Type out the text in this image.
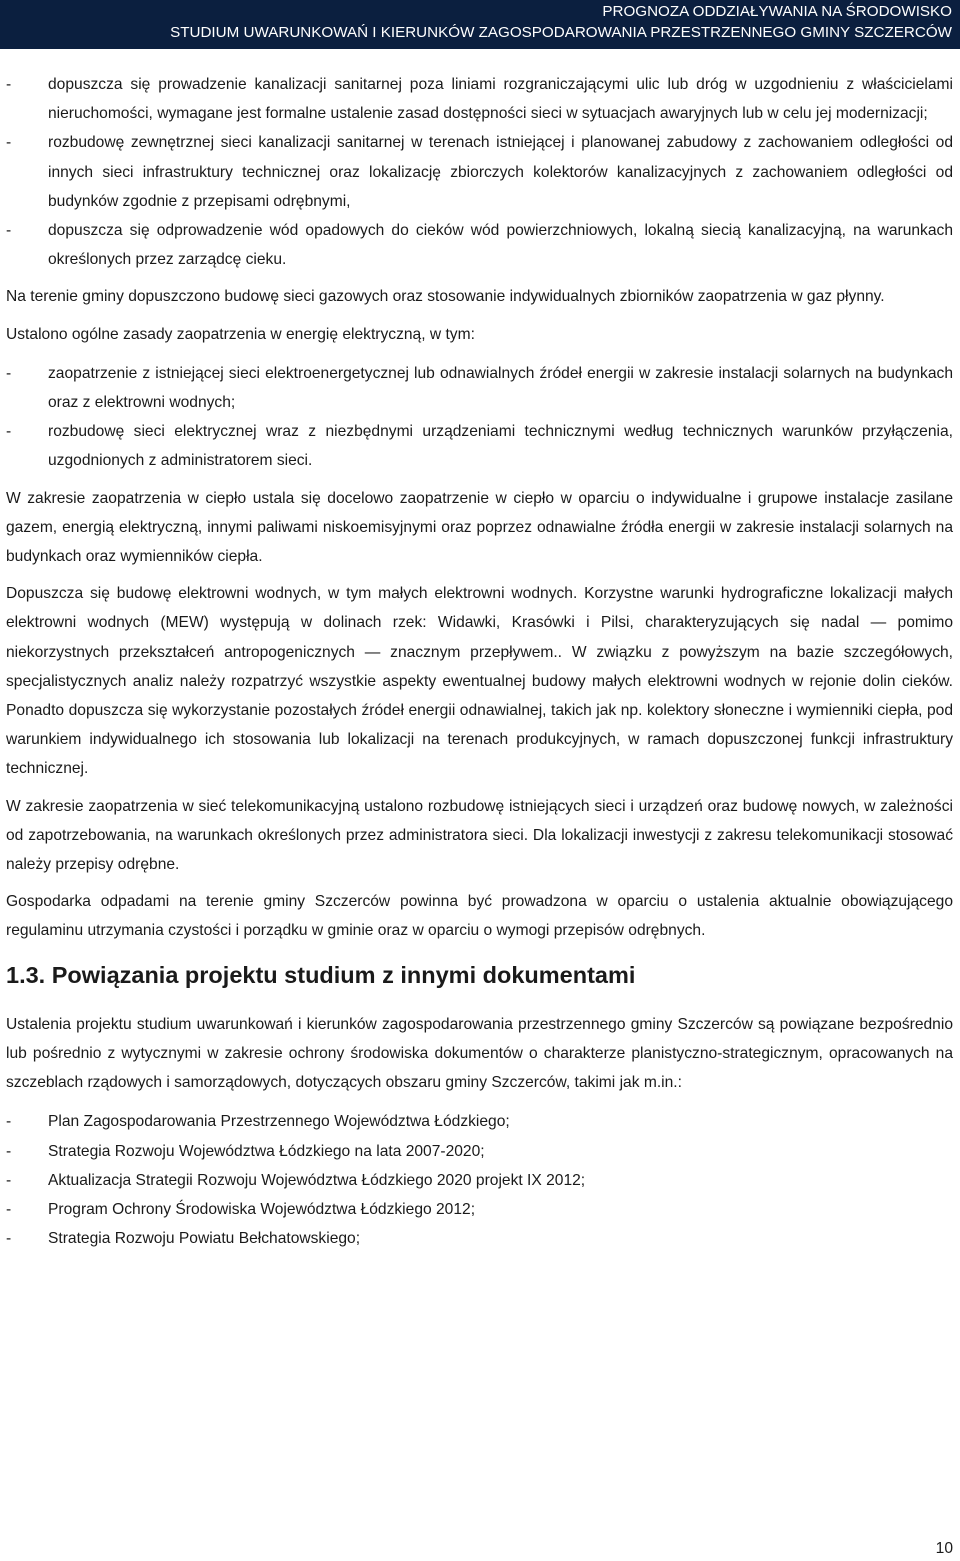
PROGNOZA ODDZIAŁYWANIA NA ŚRODOWISKO
STUDIUM UWARUNKOWAŃ I KIERUNKÓW ZAGOSPODAROWANIA PRZESTRZENNEGO GMINY SZCZERCÓW
-	dopuszcza się prowadzenie kanalizacji sanitarnej poza liniami rozgraniczającymi ulic lub dróg w uzgodnieniu z właścicielami nieruchomości, wymagane jest formalne ustalenie zasad dostępności sieci w sytuacjach awaryjnych lub w celu jej modernizacji;
-	rozbudowę zewnętrznej sieci kanalizacji sanitarnej w terenach istniejącej i planowanej zabudowy z zachowaniem odległości od innych sieci infrastruktury technicznej oraz lokalizację zbiorczych kolektorów kanalizacyjnych z zachowaniem odległości od budynków zgodnie z przepisami odrębnymi,
-	dopuszcza się odprowadzenie wód opadowych do cieków wód powierzchniowych, lokalną siecią kanalizacyjną, na warunkach określonych przez zarządcę cieku.

Na terenie gminy dopuszczono budowę sieci gazowych oraz stosowanie indywidualnych zbiorników zaopatrzenia w gaz płynny.

Ustalono ogólne zasady zaopatrzenia w energię elektryczną, w tym:

-	zaopatrzenie z istniejącej sieci elektroenergetycznej lub odnawialnych źródeł energii w zakresie instalacji solarnych na budynkach oraz z elektrowni wodnych;
-	rozbudowę sieci elektrycznej wraz z niezbędnymi urządzeniami technicznymi według technicznych warunków przyłączenia, uzgodnionych z administratorem sieci.

W zakresie zaopatrzenia w ciepło ustala się docelowo zaopatrzenie w ciepło w oparciu o indywidualne i grupowe instalacje zasilane gazem, energią elektryczną, innymi paliwami niskoemisyjnymi oraz poprzez odnawialne źródła energii w zakresie instalacji solarnych na budynkach oraz wymienników ciepła.

Dopuszcza się budowę elektrowni wodnych, w tym małych elektrowni wodnych. Korzystne warunki hydrograficzne lokalizacji małych elektrowni wodnych (MEW) występują w dolinach rzek: Widawki, Krasówki i Pilsi, charakteryzujących się nadal — pomimo niekorzystnych przekształceń antropogenicznych — znacznym przepływem.. W związku z powyższym na bazie szczegółowych, specjalistycznych analiz należy rozpatrzyć wszystkie aspekty ewentualnej budowy małych elektrowni wodnych w rejonie dolin cieków. Ponadto dopuszcza się wykorzystanie pozostałych źródeł energii odnawialnej, takich jak np. kolektory słoneczne i wymienniki ciepła, pod warunkiem indywidualnego ich stosowania lub lokalizacji na terenach produkcyjnych, w ramach dopuszczonej funkcji infrastruktury technicznej.

W zakresie zaopatrzenia w sieć telekomunikacyjną ustalono rozbudowę istniejących sieci i urządzeń oraz budowę nowych, w zależności od zapotrzebowania, na warunkach określonych przez administratora sieci. Dla lokalizacji inwestycji z zakresu telekomunikacji stosować należy przepisy odrębne.

Gospodarka odpadami na terenie gminy Szczerców powinna być prowadzona w oparciu o ustalenia aktualnie obowiązującego regulaminu utrzymania czystości i porządku w gminie oraz w oparciu o wymogi przepisów odrębnych.

1.3. Powiązania projektu studium z innymi dokumentami

Ustalenia projektu studium uwarunkowań i kierunków zagospodarowania przestrzennego gminy Szczerców są powiązane bezpośrednio lub pośrednio z wytycznymi w zakresie ochrony środowiska dokumentów o charakterze planistyczno-strategicznym, opracowanych na szczeblach rządowych i samorządowych, dotyczących obszaru gminy Szczerców, takimi jak m.in.:

-	Plan Zagospodarowania Przestrzennego Województwa Łódzkiego;
-	Strategia Rozwoju Województwa Łódzkiego na lata 2007-2020;
-	Aktualizacja Strategii Rozwoju Województwa Łódzkiego 2020 projekt IX 2012;
-	Program Ochrony Środowiska Województwa Łódzkiego 2012;
-	Strategia Rozwoju Powiatu Bełchatowskiego;
10
